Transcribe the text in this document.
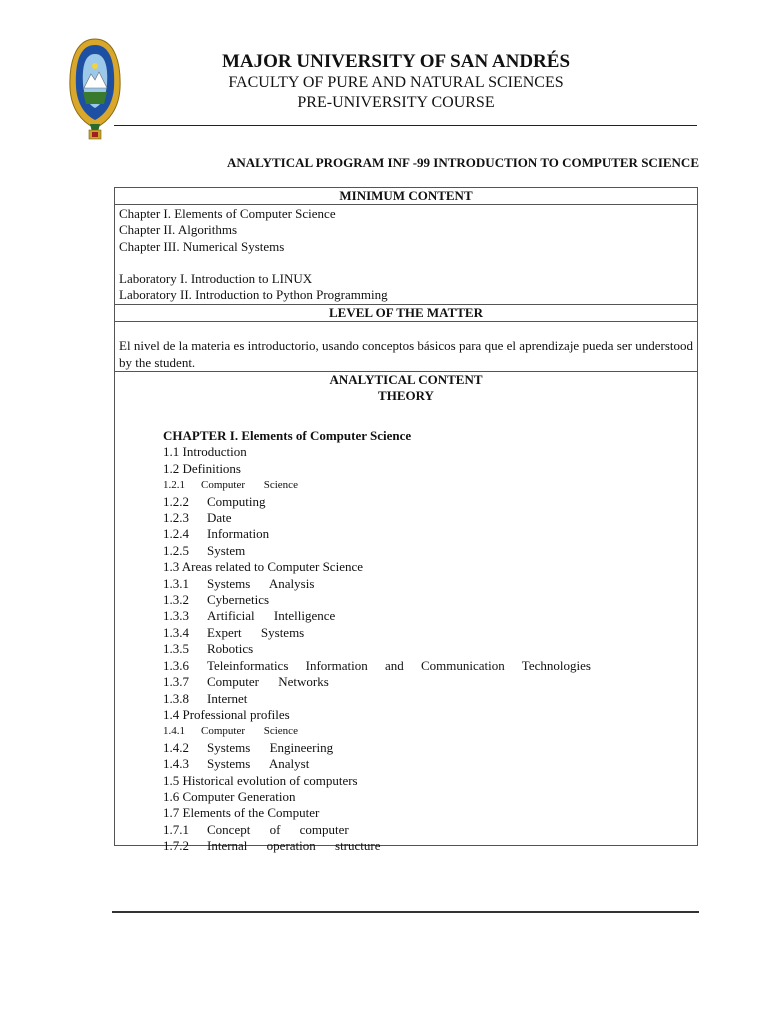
MAJOR UNIVERSITY OF SAN ANDRÉS
FACULTY OF PURE AND NATURAL SCIENCES
PRE-UNIVERSITY COURSE
ANALYTICAL PROGRAM INF -99 INTRODUCTION TO COMPUTER SCIENCE
MINIMUM CONTENT
Chapter I. Elements of Computer Science
Chapter II. Algorithms
Chapter III. Numerical Systems

Laboratory I. Introduction to LINUX
Laboratory II. Introduction to Python Programming
LEVEL OF THE MATTER
El nivel de la materia es introductorio, usando conceptos básicos para que el aprendizaje pueda ser understood by the student.
ANALYTICAL CONTENT
THEORY
CHAPTER I. Elements of Computer Science
1.1 Introduction
1.2 Definitions
1.2.1 Computer Science
1.2.2 Computing
1.2.3 Date
1.2.4 Information
1.2.5 System
1.3 Areas related to Computer Science
1.3.1 Systems Analysis
1.3.2 Cybernetics
1.3.3 Artificial Intelligence
1.3.4 Expert Systems
1.3.5 Robotics
1.3.6 Teleinformatics Information and Communication Technologies
1.3.7 Computer Networks
1.3.8 Internet
1.4 Professional profiles
1.4.1 Computer Science
1.4.2 Systems Engineering
1.4.3 Systems Analyst
1.5 Historical evolution of computers
1.6 Computer Generation
1.7 Elements of the Computer
1.7.1 Concept of computer
1.7.2 Internal operation structure
